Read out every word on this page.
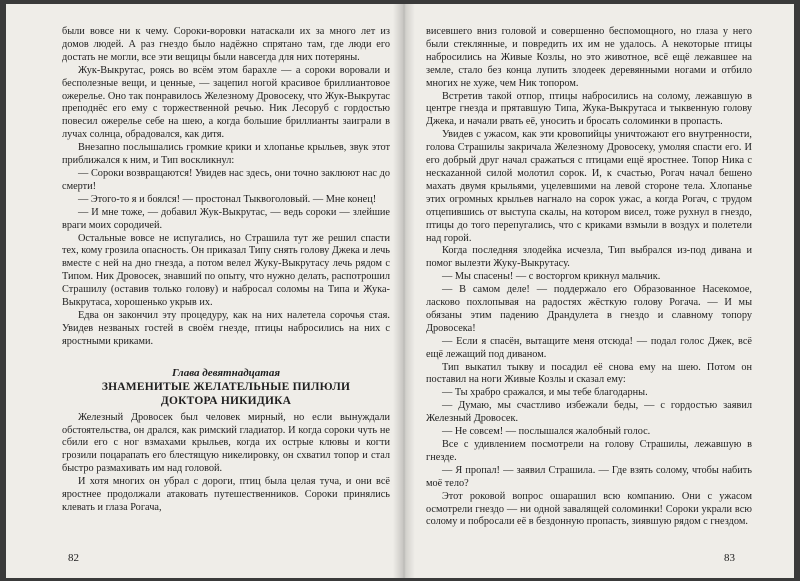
были вовсе ни к чему. Сороки-воровки натаскали их за много лет из домов людей. А раз гнездо было надёжно спрятано там, где люди его достать не могли, все эти вещицы были навсегда для них потеряны.

Жук-Выкрутас, роясь во всём этом барахле — а сороки воровали и бесполезные вещи, и ценные, — зацепил ногой красивое бриллиантовое ожерелье. Оно так понравилось Железному Дровосеку, что Жук-Выкрутас преподнёс его ему с торжественной речью. Ник Лесоруб с гордостью повесил ожерелье себе на шею, а когда большие бриллианты заиграли в лучах солнца, обрадовался, как дитя.

Внезапно послышались громкие крики и хлопанье крыльев, звук этот приближался к ним, и Тип воскликнул:

— Сороки возвращаются! Увидев нас здесь, они точно заклюют нас до смерти!

— Этого-то я и боялся! — простонал Тыквоголовый. — Мне конец!

— И мне тоже, — добавил Жук-Выкрутас, — ведь сороки — злейшие враги моих сородичей.

Остальные вовсе не испугались, но Страшила тут же решил спасти тех, кому грозила опасность. Он приказал Типу снять голову Джека и лечь вместе с ней на дно гнезда, а потом велел Жуку-Выкрутасу лечь рядом с Типом. Ник Дровосек, знавший по опыту, что нужно делать, распотрошил Страшилу (оставив только голову) и набросал соломы на Типа и Жука-Выкрутаса, хорошенько укрыв их.

Едва он закончил эту процедуру, как на них налетела сорочья стая. Увидев незваных гостей в своём гнезде, птицы набросились на них с яростными криками.

Глава девятнадцатая
ЗНАМЕНИТЫЕ ЖЕЛАТЕЛЬНЫЕ ПИЛЮЛИ
ДОКТОРА НИКИДИКА

Железный Дровосек был человек мирный, но если вынуждали обстоятельства, он дрался, как римский гладиатор. И когда сороки чуть не сбили его с ног взмахами крыльев, когда их острые клювы и когти грозили поцарапать его блестящую никелировку, он схватил топор и стал быстро размахивать им над головой.

И хотя многих он убрал с дороги, птиц была целая туча, и они всё яростнее продолжали атаковать путешественников. Сороки принялись клевать и глаза Рогача,

82

висевшего вниз головой и совершенно беспомощного, но глаза у него были стеклянные, и повредить их им не удалось. А некоторые птицы набросились на Живые Козлы, но это животное, всё ещё лежавшее на земле, стало без конца лупить злодеек деревянными ногами и отбило многих не хуже, чем Ник топором.

Встретив такой отпор, птицы набросились на солому, лежавшую в центре гнезда и прятавшую Типа, Жука-Выкрутаса и тыквенную голову Джека, и начали рвать её, уносить и бросать соломинки в пропасть.

Увидев с ужасом, как эти кровопийцы уничтожают его внутренности, голова Страшилы закричала Железному Дровосеку, умоляя спасти его. И его добрый друг начал сражаться с птицами ещё яростнее. Топор Ника с нескazанной силой молотил сорок. И, к счастью, Рогач начал бешено махать двумя крыльями, уцелевшими на левой стороне тела. Хлопанье этих огромных крыльев нагнало на сорок ужас, а когда Рогач, с трудом отцепившись от выступа скалы, на котором висел, тоже рухнул в гнездо, птицы до того перепугались, что с криками взмыли в воздух и полетели над горой.

Когда последняя злодейка исчезла, Тип выбрался из-под дивана и помог вылезти Жуку-Выкрутасу.

— Мы спасены! — с восторгом крикнул мальчик.

— В самом деле! — поддержало его Образованное Насекомое, ласково похлопывая на радостях жёсткую голову Рогача. — И мы обязаны этим падению Драндулета в гнездо и славному топору Дровосека!

— Если я спасён, вытащите меня отсюда! — подал голос Джек, всё ещё лежащий под диваном.

Тип выкатил тыкву и посадил её снова ему на шею. Потом он поставил на ноги Живые Козлы и сказал ему:

— Ты храбро сражался, и мы тебе благодарны.

— Думаю, мы счастливо избежали беды, — с гордостью заявил Железный Дровосек.

— Не совсем! — послышался жалобный голос.

Все с удивлением посмотрели на голову Страшилы, лежавшую в гнезде.

— Я пропал! — заявил Страшила. — Где взять солому, чтобы набить моё тело?

Этот роковой вопрос ошарашил всю компанию. Они с ужасом осмотрели гнездо — ни одной завалящей соломинки! Сороки украли всю солому и побросали её в бездонную пропасть, зиявшую рядом с гнездом.

83
